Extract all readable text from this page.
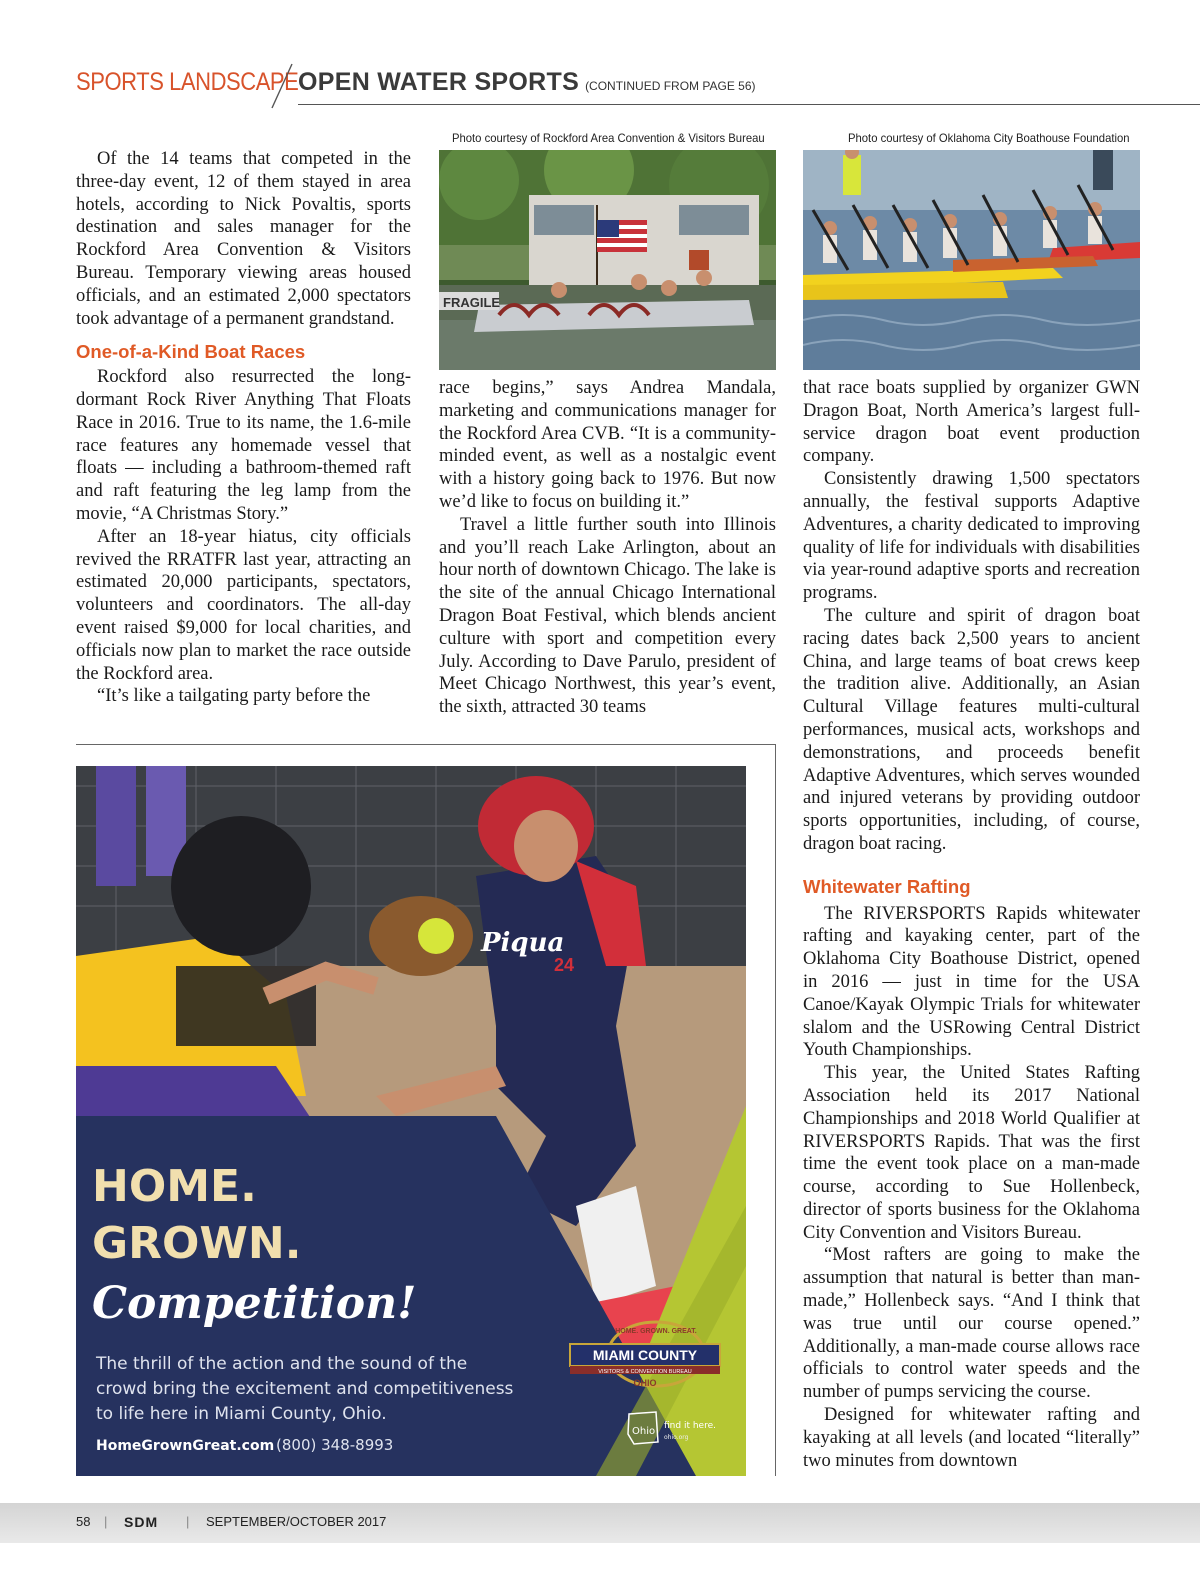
SPORTS LANDSCAPE OPEN WATER SPORTS (CONTINUED FROM PAGE 56)

Of the 14 teams that competed in the three-day event, 12 of them stayed in area hotels, according to Nick Povaltis, sports destination and sales manager for the Rockford Area Convention & Visitors Bureau. Temporary viewing areas housed officials, and an estimated 2,000 spectators took advantage of a permanent grandstand.

One-of-a-Kind Boat Races

Rockford also resurrected the long-dormant Rock River Anything That Floats Race in 2016. True to its name, the 1.6-mile race features any homemade vessel that floats — including a bathroom-themed raft and raft featuring the leg lamp from the movie, “A Christmas Story.”

After an 18-year hiatus, city officials revived the RRATFR last year, attracting an estimated 20,000 participants, spectators, volunteers and coordinators. The all-day event raised $9,000 for local charities, and officials now plan to market the race outside the Rockford area.

“It’s like a tailgating party before the

Photo courtesy of Rockford Area Convention & Visitors Bureau
FRAGILE

race begins,” says Andrea Mandala, marketing and communications manager for the Rockford Area CVB. “It is a community-minded event, as well as a nostalgic event with a history going back to 1976. But now we’d like to focus on building it.”

Travel a little further south into Illinois and you’ll reach Lake Arlington, about an hour north of downtown Chicago. The lake is the site of the annual Chicago International Dragon Boat Festival, which blends ancient culture with sport and competition every July. According to Dave Parulo, president of Meet Chicago Northwest, this year’s event, the sixth, attracted 30 teams

Photo courtesy of Oklahoma City Boathouse Foundation

that race boats supplied by organizer GWN Dragon Boat, North America’s largest full-service dragon boat event production company.

Consistently drawing 1,500 spectators annually, the festival supports Adaptive Adventures, a charity dedicated to improving quality of life for individuals with disabilities via year-round adaptive sports and recreation programs.

The culture and spirit of dragon boat racing dates back 2,500 years to ancient China, and large teams of boat crews keep the tradition alive. Additionally, an Asian Cultural Village features multi-cultural performances, musical acts, workshops and demonstrations, and proceeds benefit Adaptive Adventures, which serves wounded and injured veterans by providing outdoor sports opportunities, including, of course, dragon boat racing.

Whitewater Rafting

The RIVERSPORTS Rapids whitewater rafting and kayaking center, part of the Oklahoma City Boathouse District, opened in 2016 — just in time for the USA Canoe/Kayak Olympic Trials for whitewater slalom and the USRowing Central District Youth Championships.

This year, the United States Rafting Association held its 2017 National Championships and 2018 World Qualifier at RIVERSPORTS Rapids. That was the first time the event took place on a man-made course, according to Sue Hollenbeck, director of sports business for the Oklahoma City Convention and Visitors Bureau.

“Most rafters are going to make the assumption that natural is better than man-made,” Hollenbeck says. “And I think that was true until our course opened.” Additionally, a man-made course allows race officials to control water speeds and the number of pumps servicing the course.

Designed for whitewater rafting and kayaking at all levels (and located “literally” two minutes from downtown

Piqua
24
HOME.
GROWN.
Competition!
The thrill of the action and the sound of the
crowd bring the excitement and competitiveness
to life here in Miami County, Ohio.
HomeGrownGreat.com (800) 348-8993
HOME. GROWN. GREAT.
MIAMI COUNTY
VISITORS & CONVENTION BUREAU
OHIO
Ohio find it here.
ohio.org
58 | SDM | SEPTEMBER/OCTOBER 2017
